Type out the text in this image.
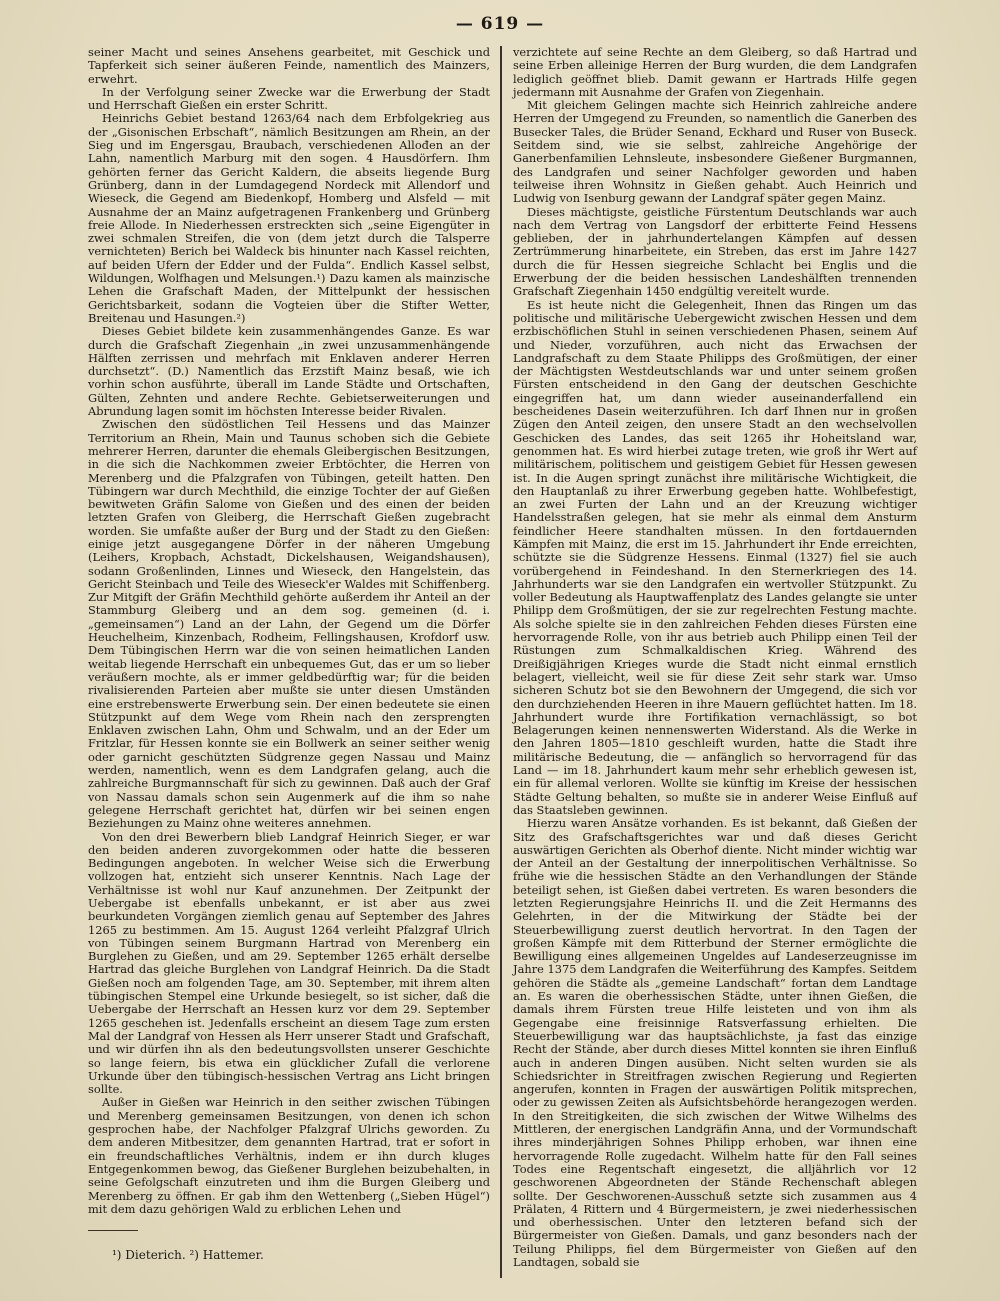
— 619 —

seiner Macht und seines Ansehens gearbeitet, mit Geschick und Tapferkeit sich seiner äußeren Feinde, namentlich des Mainzers, erwehrt.

In der Verfolgung seiner Zwecke war die Erwerbung der Stadt und Herrschaft Gießen ein erster Schritt.

Heinrichs Gebiet bestand 1263/64 nach dem Erbfolgekrieg aus der „Gisonischen Erbschaft“, nämlich Besitzungen am Rhein, an der Sieg und im Engersgau, Braubach, verschiedenen Allođen an der Lahn, namentlich Marburg mit den sogen. 4 Hausdörfern. Ihm gehörten ferner das Gericht Kaldern, die abseits liegende Burg Grünberg, dann in der Lumdagegend Nordeck mit Allendorf und Wieseck, die Gegend am Biedenkopf, Homberg und Alsfeld — mit Ausnahme der an Mainz aufgetragenen Frankenberg und Grünberg freie Allode. In Niederhessen erstreckten sich „seine Eigengüter in zwei schmalen Streifen, die von (dem jetzt durch die Talsperre vernichteten) Berich bei Waldeck bis hinunter nach Kassel reichten, auf beiden Ufern der Edder und der Fulda“. Endlich Kassel selbst, Wildungen, Wolfhagen und Melsungen.¹) Dazu kamen als mainzische Lehen die Grafschaft Maden, der Mittelpunkt der hessischen Gerichtsbarkeit, sodann die Vogteien über die Stifter Wetter, Breitenau und Hasungen.²)

Dieses Gebiet bildete kein zusammenhängendes Ganze. Es war durch die Grafschaft Ziegenhain „in zwei unzusammenhängende Hälften zerrissen und mehrfach mit Enklaven anderer Herren durchsetzt“. (D.) Namentlich das Erzstift Mainz besaß, wie ich vorhin schon ausführte, überall im Lande Städte und Ortschaften, Gülten, Zehnten und andere Rechte. Gebietserweiterungen und Abrundung lagen somit im höchsten Interesse beider Rivalen.

Zwischen den südöstlichen Teil Hessens und das Mainzer Territorium an Rhein, Main und Taunus schoben sich die Gebiete mehrerer Herren, darunter die ehemals Gleibergischen Besitzungen, in die sich die Nachkommen zweier Erbtöchter, die Herren von Merenberg und die Pfalzgrafen von Tübingen, geteilt hatten. Den Tübingern war durch Mechthild, die einzige Tochter der auf Gießen bewitweten Gräfin Salome von Gießen und des einen der beiden letzten Grafen von Gleiberg, die Herrschaft Gießen zugebracht worden. Sie umfaßte außer der Burg und der Stadt zu den Gießen: einige jetzt ausgegangene Dörfer in der näheren Umgebung (Leihers, Kropbach, Achstadt, Dickelshausen, Weigandshausen), sodann Großenlinden, Linnes und Wieseck, den Hangelstein, das Gericht Steinbach und Teile des Wieseck'er Waldes mit Schiffenberg. Zur Mitgift der Gräfin Mechthild gehörte außerdem ihr Anteil an der Stammburg Gleiberg und an dem sog. gemeinen (d. i. „gemeinsamen“) Land an der Lahn, der Gegend um die Dörfer Heuchelheim, Kinzenbach, Rodheim, Fellingshausen, Krofdorf usw. Dem Tübingischen Herrn war die von seinen heimatlichen Landen weitab liegende Herrschaft ein unbequemes Gut, das er um so lieber veräußern mochte, als er immer geldbedürftig war; für die beiden rivalisierenden Parteien aber mußte sie unter diesen Umständen eine erstrebenswerte Erwerbung sein. Der einen bedeutete sie einen Stützpunkt auf dem Wege vom Rhein nach den zersprengten Enklaven zwischen Lahn, Ohm und Schwalm, und an der Eder um Fritzlar, für Hessen konnte sie ein Bollwerk an seiner seither wenig oder garnicht geschützten Südgrenze gegen Nassau und Mainz werden, namentlich, wenn es dem Landgrafen gelang, auch die zahlreiche Burgmannschaft für sich zu gewinnen. Daß auch der Graf von Nassau damals schon sein Augenmerk auf die ihm so nahe gelegene Herrschaft gerichtet hat, dürfen wir bei seinen engen Beziehungen zu Mainz ohne weiteres annehmen.

Von den drei Bewerbern blieb Landgraf Heinrich Sieger, er war den beiden anderen zuvorgekommen oder hatte die besseren Bedingungen angeboten. In welcher Weise sich die Erwerbung vollzogen hat, entzieht sich unserer Kenntnis. Nach Lage der Verhältnisse ist wohl nur Kauf anzunehmen. Der Zeitpunkt der Uebergabe ist ebenfalls unbekannt, er ist aber aus zwei beurkundeten Vorgängen ziemlich genau auf September des Jahres 1265 zu bestimmen. Am 15. August 1264 verleiht Pfalzgraf Ulrich von Tübingen seinem Burgmann Hartrad von Merenberg ein Burglehen zu Gießen, und am 29. September 1265 erhält derselbe Hartrad das gleiche Burglehen von Landgraf Heinrich. Da die Stadt Gießen noch am folgenden Tage, am 30. September, mit ihrem alten tübingischen Stempel eine Urkunde besiegelt, so ist sicher, daß die Uebergabe der Herrschaft an Hessen kurz vor dem 29. September 1265 geschehen ist. Jedenfalls erscheint an diesem Tage zum ersten Mal der Landgraf von Hessen als Herr unserer Stadt und Grafschaft, und wir dürfen ihn als den bedeutungsvollsten unserer Geschichte so lange feiern, bis etwa ein glücklicher Zufall die verlorene Urkunde über den tübingisch-hessischen Vertrag ans Licht bringen sollte.

Außer in Gießen war Heinrich in den seither zwischen Tübingen und Merenberg gemeinsamen Besitzungen, von denen ich schon gesprochen habe, der Nachfolger Pfalzgraf Ulrichs geworden. Zu dem anderen Mitbesitzer, dem genannten Hartrad, trat er sofort in ein freundschaftliches Verhältnis, indem er ihn durch kluges Entgegenkommen bewog, das Gießener Burglehen beizubehalten, in seine Gefolgschaft einzutreten und ihm die Burgen Gleiberg und Merenberg zu öffnen. Er gab ihm den Wettenberg („Sieben Hügel“) mit dem dazu gehörigen Wald zu erblichen Lehen und

verzichtete auf seine Rechte an dem Gleiberg, so daß Hartrad und seine Erben alleinige Herren der Burg wurden, die dem Landgrafen lediglich geöffnet blieb. Damit gewann er Hartrads Hilfe gegen jedermann mit Ausnahme der Grafen von Ziegenhain.

Mit gleichem Gelingen machte sich Heinrich zahlreiche andere Herren der Umgegend zu Freunden, so namentlich die Ganerben des Busecker Tales, die Brüder Senand, Eckhard und Ruser von Buseck. Seitdem sind, wie sie selbst, zahlreiche Angehörige der Ganerbenfamilien Lehnsleute, insbesondere Gießener Burgmannen, des Landgrafen und seiner Nachfolger geworden und haben teilweise ihren Wohnsitz in Gießen gehabt. Auch Heinrich und Ludwig von Isenburg gewann der Landgraf später gegen Mainz.

Dieses mächtigste, geistliche Fürstentum Deutschlands war auch nach dem Vertrag von Langsdorf der erbitterte Feind Hessens geblieben, der in jahrhundertelangen Kämpfen auf dessen Zertrümmerung hinarbeitete, ein Streben, das erst im Jahre 1427 durch die für Hessen siegreiche Schlacht bei Englis und die Erwerbung der die beiden hessischen Landeshälften trennenden Grafschaft Ziegenhain 1450 endgültig vereitelt wurde.

Es ist heute nicht die Gelegenheit, Ihnen das Ringen um das politische und militärische Uebergewicht zwischen Hessen und dem erzbischöflichen Stuhl in seinen verschiedenen Phasen, seinem Auf und Nieder, vorzuführen, auch nicht das Erwachsen der Landgrafschaft zu dem Staate Philipps des Großmütigen, der einer der Mächtigsten Westdeutschlands war und unter seinem großen Fürsten entscheidend in den Gang der deutschen Geschichte eingegriffen hat, um dann wieder auseinanderfallend ein bescheidenes Dasein weiterzuführen. Ich darf Ihnen nur in großen Zügen den Anteil zeigen, den unsere Stadt an den wechselvollen Geschicken des Landes, das seit 1265 ihr Hoheitsland war, genommen hat. Es wird hierbei zutage treten, wie groß ihr Wert auf militärischem, politischem und geistigem Gebiet für Hessen gewesen ist. In die Augen springt zunächst ihre militärische Wichtigkeit, die den Hauptanlaß zu ihrer Erwerbung gegeben hatte. Wohlbefestigt, an zwei Furten der Lahn und an der Kreuzung wichtiger Handelsstraßen gelegen, hat sie mehr als einmal dem Ansturm feindlicher Heere standhalten müssen. In den fortdauernden Kämpfen mit Mainz, die erst im 15. Jahrhundert ihr Ende erreichten, schützte sie die Südgrenze Hessens. Einmal (1327) fiel sie auch vorübergehend in Feindeshand. In den Sternerkriegen des 14. Jahrhunderts war sie den Landgrafen ein wertvoller Stützpunkt. Zu voller Bedeutung als Hauptwaffenplatz des Landes gelangte sie unter Philipp dem Großmütigen, der sie zur regelrechten Festung machte. Als solche spielte sie in den zahlreichen Fehden dieses Fürsten eine hervorragende Rolle, von ihr aus betrieb auch Philipp einen Teil der Rüstungen zum Schmalkaldischen Krieg. Während des Dreißigjährigen Krieges wurde die Stadt nicht einmal ernstlich belagert, vielleicht, weil sie für diese Zeit sehr stark war. Umso sicheren Schutz bot sie den Bewohnern der Umgegend, die sich vor den durchziehenden Heeren in ihre Mauern geflüchtet hatten. Im 18. Jahrhundert wurde ihre Fortifikation vernachlässigt, so bot Belagerungen keinen nennenswerten Widerstand. Als die Werke in den Jahren 1805—1810 geschleift wurden, hatte die Stadt ihre militärische Bedeutung, die — anfänglich so hervorragend für das Land — im 18. Jahrhundert kaum mehr sehr erheblich gewesen ist, ein für allemal verloren. Wollte sie künftig im Kreise der hessischen Städte Geltung behalten, so mußte sie in anderer Weise Einfluß auf das Staatsleben gewinnen.

Hierzu waren Ansätze vorhanden. Es ist bekannt, daß Gießen der Sitz des Grafschaftsgerichtes war und daß dieses Gericht auswärtigen Gerichten als Oberhof diente. Nicht minder wichtig war der Anteil an der Gestaltung der innerpolitischen Verhältnisse. So frühe wie die hessischen Städte an den Verhandlungen der Stände beteiligt sehen, ist Gießen dabei vertreten. Es waren besonders die letzten Regierungsjahre Heinrichs II. und die Zeit Hermanns des Gelehrten, in der die Mitwirkung der Städte bei der Steuerbewilligung zuerst deutlich hervortrat. In den Tagen der großen Kämpfe mit dem Ritterbund der Sterner ermöglichte die Bewilligung eines allgemeinen Ungeldes auf Landeserzeugnisse im Jahre 1375 dem Landgrafen die Weiterführung des Kampfes. Seitdem gehören die Städte als „gemeine Landschaft“ fortan dem Landtage an. Es waren die oberhessischen Städte, unter ihnen Gießen, die damals ihrem Fürsten treue Hilfe leisteten und von ihm als Gegengabe eine freisinnige Ratsverfassung erhielten. Die Steuerbewilligung war das hauptsächlichste, ja fast das einzige Recht der Stände, aber durch dieses Mittel konnten sie ihren Einfluß auch in anderen Dingen ausüben. Nicht selten wurden sie als Schiedsrichter in Streitfragen zwischen Regierung und Regierten angerufen, konnten in Fragen der auswärtigen Politik mitsprechen, oder zu gewissen Zeiten als Aufsichtsbehörde herangezogen werden. In den Streitigkeiten, die sich zwischen der Witwe Wilhelms des Mittleren, der energischen Landgräfin Anna, und der Vormundschaft ihres minderjährigen Sohnes Philipp erhoben, war ihnen eine hervorragende Rolle zugedacht. Wilhelm hatte für den Fall seines Todes eine Regentschaft eingesetzt, die alljährlich vor 12 geschworenen Abgeordneten der Stände Rechenschaft ablegen sollte. Der Geschworenen-Ausschuß setzte sich zusammen aus 4 Prälaten, 4 Rittern und 4 Bürgermeistern, je zwei niederhessischen und oberhessischen. Unter den letzteren befand sich der Bürgermeister von Gießen. Damals, und ganz besonders nach der Teilung Philipps, fiel dem Bürgermeister von Gießen auf den Landtagen, sobald sie

¹) Dieterich. ²) Hattemer.
